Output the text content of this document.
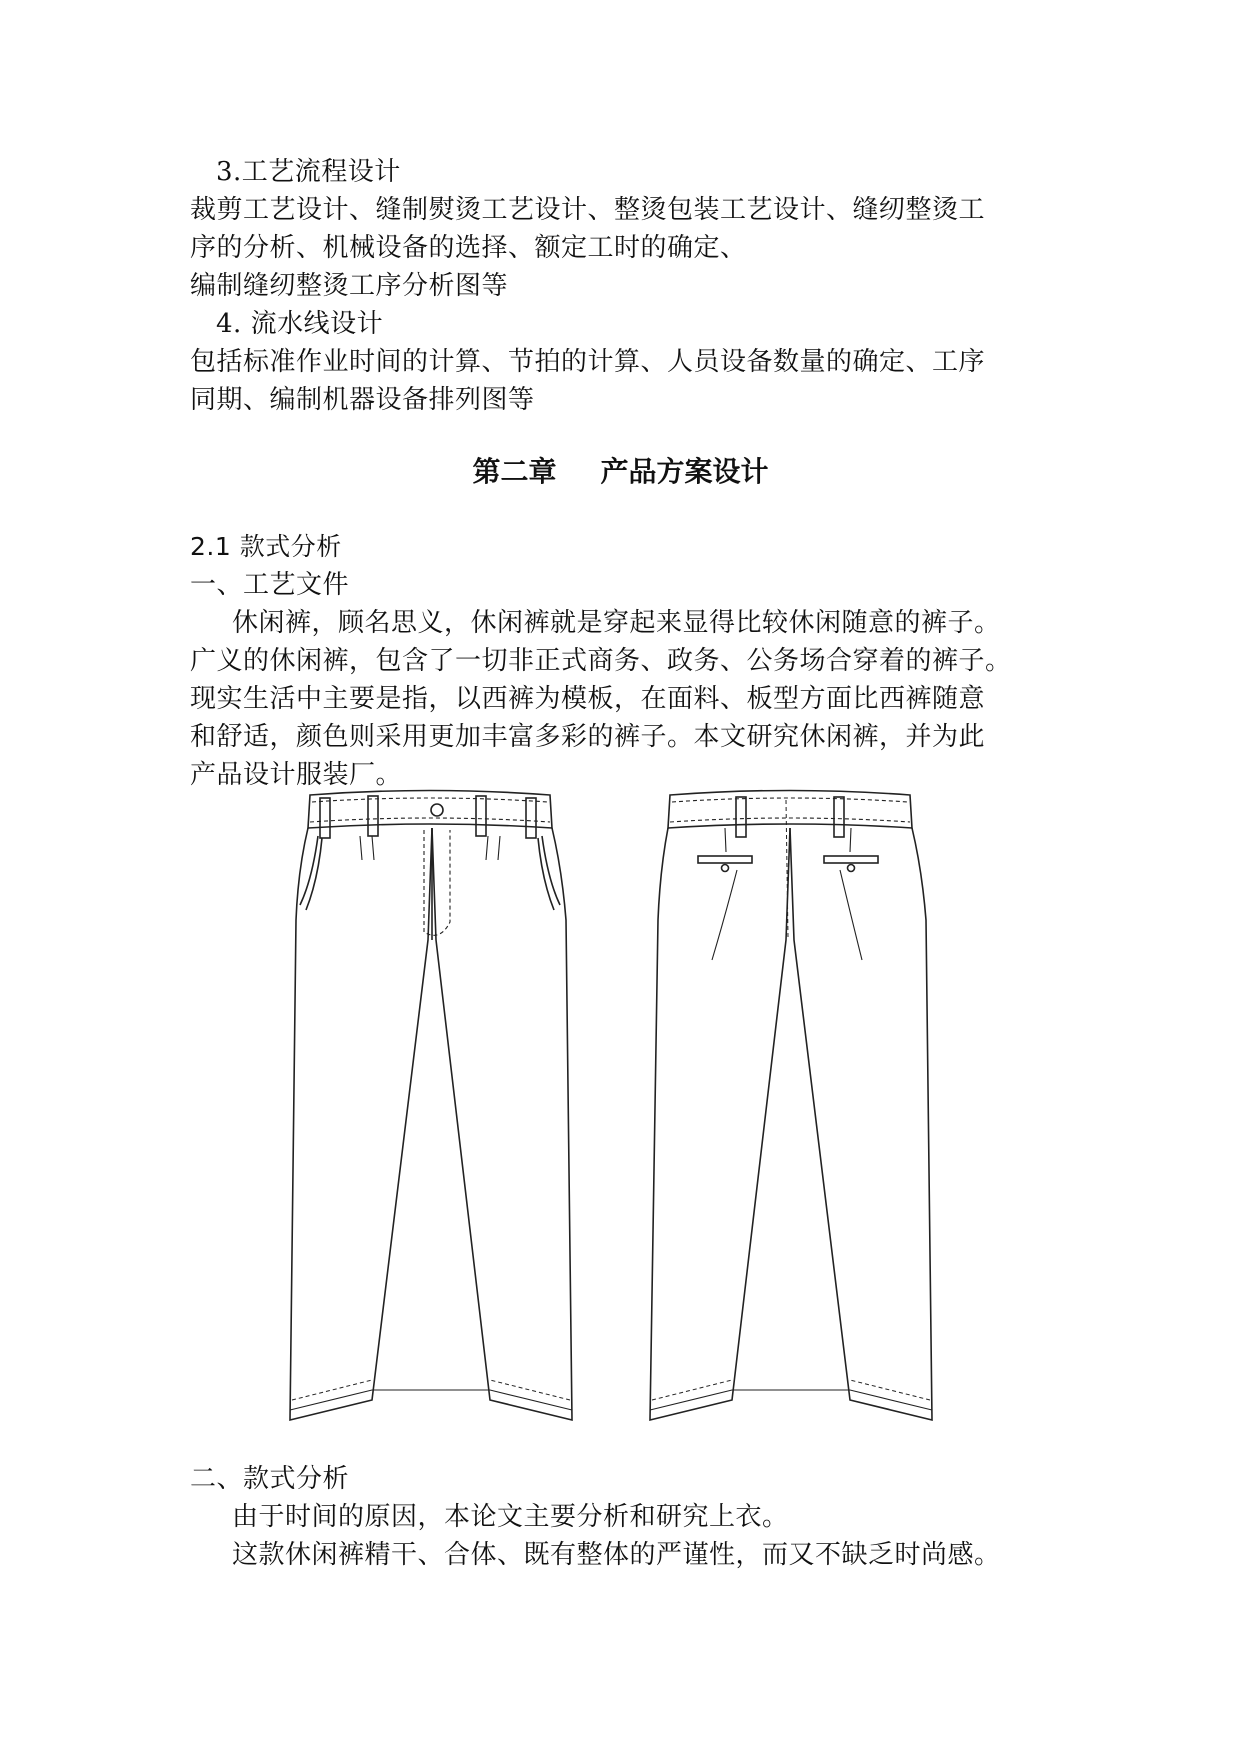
3.工艺流程设计
裁剪工艺设计、缝制熨烫工艺设计、整烫包装工艺设计、缝纫整烫工
序的分析、机械设备的选择、额定工时的确定、
编制缝纫整烫工序分析图等
4. 流水线设计
包括标准作业时间的计算、节拍的计算、人员设备数量的确定、工序
同期、编制机器设备排列图等
第二章 产品方案设计
2.1 款式分析
一、工艺文件
休闲裤，顾名思义，休闲裤就是穿起来显得比较休闲随意的裤子。
广义的休闲裤，包含了一切非正式商务、政务、公务场合穿着的裤子。
现实生活中主要是指，以西裤为模板，在面料、板型方面比西裤随意
和舒适，颜色则采用更加丰富多彩的裤子。本文研究休闲裤，并为此
产品设计服装厂。
二、款式分析
由于时间的原因，本论文主要分析和研究上衣。
这款休闲裤精干、合体、既有整体的严谨性，而又不缺乏时尚感。
